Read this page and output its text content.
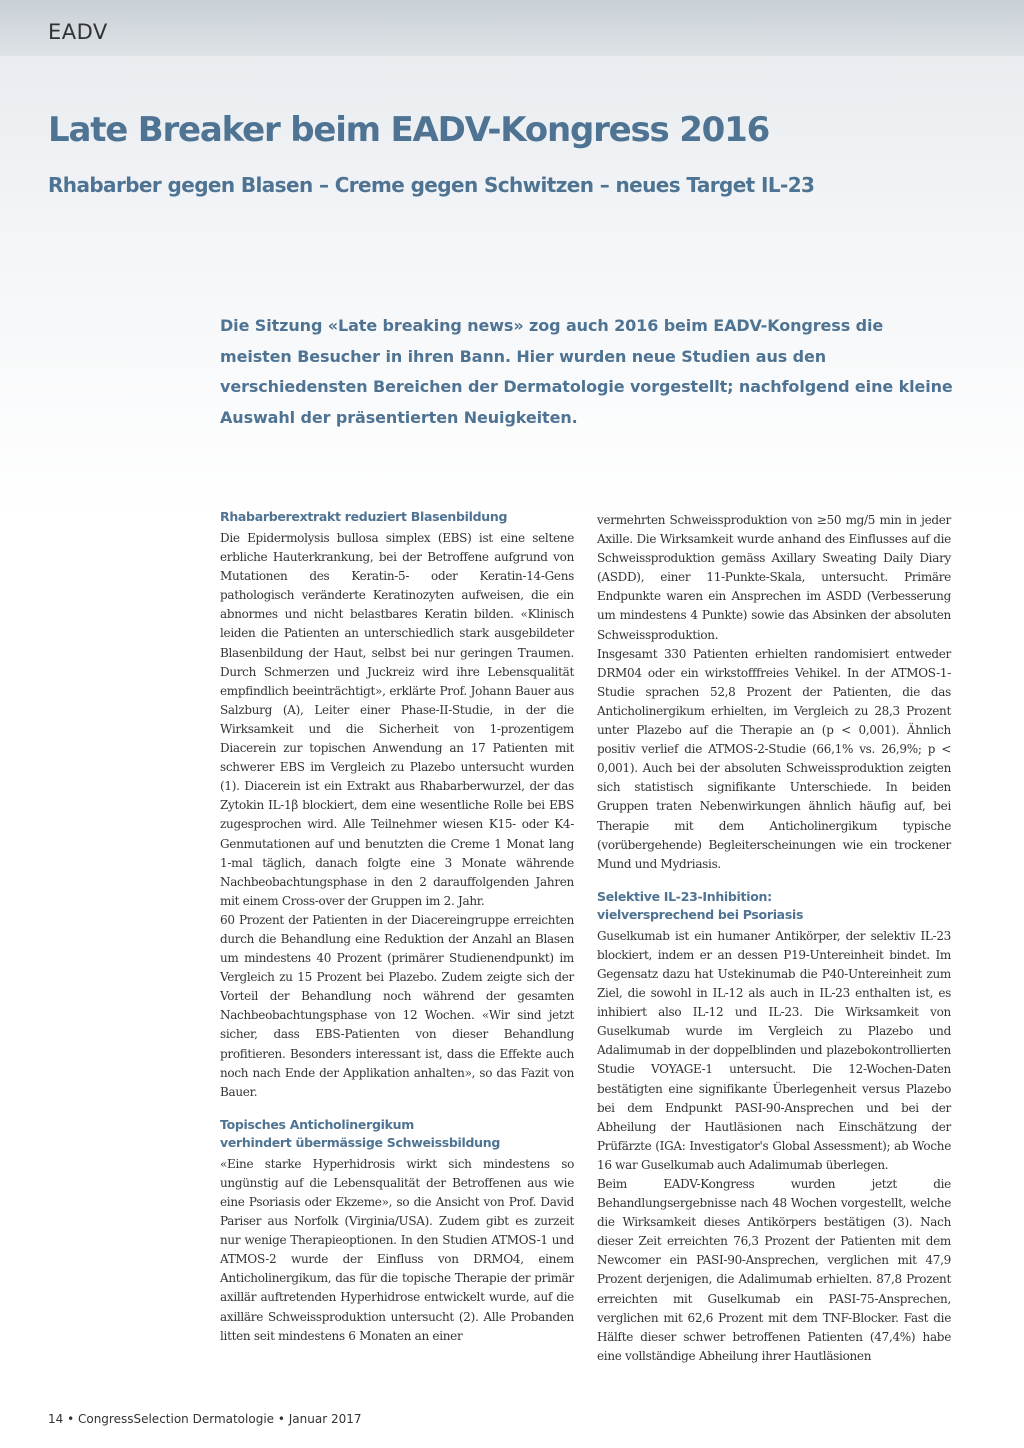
EADV
Late Breaker beim EADV-Kongress 2016
Rhabarber gegen Blasen – Creme gegen Schwitzen – neues Target IL-23

Die Sitzung «Late breaking news» zog auch 2016 beim EADV-Kongress die meisten Besucher in ihren Bann. Hier wurden neue Studien aus den verschiedensten Bereichen der Dermatologie vorgestellt; nachfolgend eine kleine Auswahl der präsentierten Neuigkeiten.

Rhabarberextrakt reduziert Blasenbildung

Die Epidermolysis bullosa simplex (EBS) ist eine seltene erbliche Hauterkrankung, bei der Betroffene aufgrund von Mutationen des Keratin-5- oder Keratin-14-Gens pathologisch veränderte Keratinozyten aufweisen, die ein abnormes und nicht belastbares Keratin bilden. «Klinisch leiden die Patienten an unterschiedlich stark ausgebildeter Blasenbildung der Haut, selbst bei nur geringen Traumen. Durch Schmerzen und Juckreiz wird ihre Lebensqualität empfindlich beeinträchtigt», erklärte Prof. Johann Bauer aus Salzburg (A), Leiter einer Phase-II-Studie, in der die Wirksamkeit und die Sicherheit von 1-prozentigem Diacerein zur topischen Anwendung an 17 Patienten mit schwerer EBS im Vergleich zu Plazebo untersucht wurden (1). Diacerein ist ein Extrakt aus Rhabarberwurzel, der das Zytokin IL-1β blockiert, dem eine wesentliche Rolle bei EBS zugesprochen wird. Alle Teilnehmer wiesen K15- oder K4-Genmutationen auf und benutzten die Creme 1 Monat lang 1-mal täglich, danach folgte eine 3 Monate währende Nachbeobachtungsphase in den 2 darauffolgenden Jahren mit einem Cross-over der Gruppen im 2. Jahr.

60 Prozent der Patienten in der Diacereingruppe erreichten durch die Behandlung eine Reduktion der Anzahl an Blasen um mindestens 40 Prozent (primärer Studienendpunkt) im Vergleich zu 15 Prozent bei Plazebo. Zudem zeigte sich der Vorteil der Behandlung noch während der gesamten Nachbeobachtungsphase von 12 Wochen. «Wir sind jetzt sicher, dass EBS-Patienten von dieser Behandlung profitieren. Besonders interessant ist, dass die Effekte auch noch nach Ende der Applikation anhalten», so das Fazit von Bauer.

Topisches Anticholinergikum
verhindert übermässige Schweissbildung

«Eine starke Hyperhidrosis wirkt sich mindestens so ungünstig auf die Lebensqualität der Betroffenen aus wie eine Psoriasis oder Ekzeme», so die Ansicht von Prof. David Pariser aus Norfolk (Virginia/USA). Zudem gibt es zurzeit nur wenige Therapieoptionen. In den Studien ATMOS-1 und ATMOS-2 wurde der Einfluss von DRMO4, einem Anticholinergikum, das für die topische Therapie der primär axillär auftretenden Hyperhidrose entwickelt wurde, auf die axilläre Schweissproduktion untersucht (2). Alle Probanden litten seit mindestens 6 Monaten an einer

vermehrten Schweissproduktion von ≥50 mg/5 min in jeder Axille. Die Wirksamkeit wurde anhand des Einflusses auf die Schweissproduktion gemäss Axillary Sweating Daily Diary (ASDD), einer 11-Punkte-Skala, untersucht. Primäre Endpunkte waren ein Ansprechen im ASDD (Verbesserung um mindestens 4 Punkte) sowie das Absinken der absoluten Schweissproduktion.

Insgesamt 330 Patienten erhielten randomisiert entweder DRM04 oder ein wirkstofffreies Vehikel. In der ATMOS-1-Studie sprachen 52,8 Prozent der Patienten, die das Anticholinergikum erhielten, im Vergleich zu 28,3 Prozent unter Plazebo auf die Therapie an (p < 0,001). Ähnlich positiv verlief die ATMOS-2-Studie (66,1% vs. 26,9%; p < 0,001). Auch bei der absoluten Schweissproduktion zeigten sich statistisch signifikante Unterschiede. In beiden Gruppen traten Nebenwirkungen ähnlich häufig auf, bei Therapie mit dem Anticholinergikum typische (vorübergehende) Begleiterscheinungen wie ein trockener Mund und Mydriasis.

Selektive IL-23-Inhibition:
vielversprechend bei Psoriasis

Guselkumab ist ein humaner Antikörper, der selektiv IL-23 blockiert, indem er an dessen P19-Untereinheit bindet. Im Gegensatz dazu hat Ustekinumab die P40-Untereinheit zum Ziel, die sowohl in IL-12 als auch in IL-23 enthalten ist, es inhibiert also IL-12 und IL-23. Die Wirksamkeit von Guselkumab wurde im Vergleich zu Plazebo und Adalimumab in der doppelblinden und plazebokontrollierten Studie VOYAGE-1 untersucht. Die 12-Wochen-Daten bestätigten eine signifikante Überlegenheit versus Plazebo bei dem Endpunkt PASI-90-Ansprechen und bei der Abheilung der Hautläsionen nach Einschätzung der Prüfärzte (IGA: Investigator's Global Assessment); ab Woche 16 war Guselkumab auch Adalimumab überlegen.

Beim EADV-Kongress wurden jetzt die Behandlungsergebnisse nach 48 Wochen vorgestellt, welche die Wirksamkeit dieses Antikörpers bestätigen (3). Nach dieser Zeit erreichten 76,3 Prozent der Patienten mit dem Newcomer ein PASI-90-Ansprechen, verglichen mit 47,9 Prozent derjenigen, die Adalimumab erhielten. 87,8 Prozent erreichten mit Guselkumab ein PASI-75-Ansprechen, verglichen mit 62,6 Prozent mit dem TNF-Blocker. Fast die Hälfte dieser schwer betroffenen Patienten (47,4%) habe eine vollständige Abheilung ihrer Hautläsionen

14 • CongressSelection Dermatologie • Januar 2017
